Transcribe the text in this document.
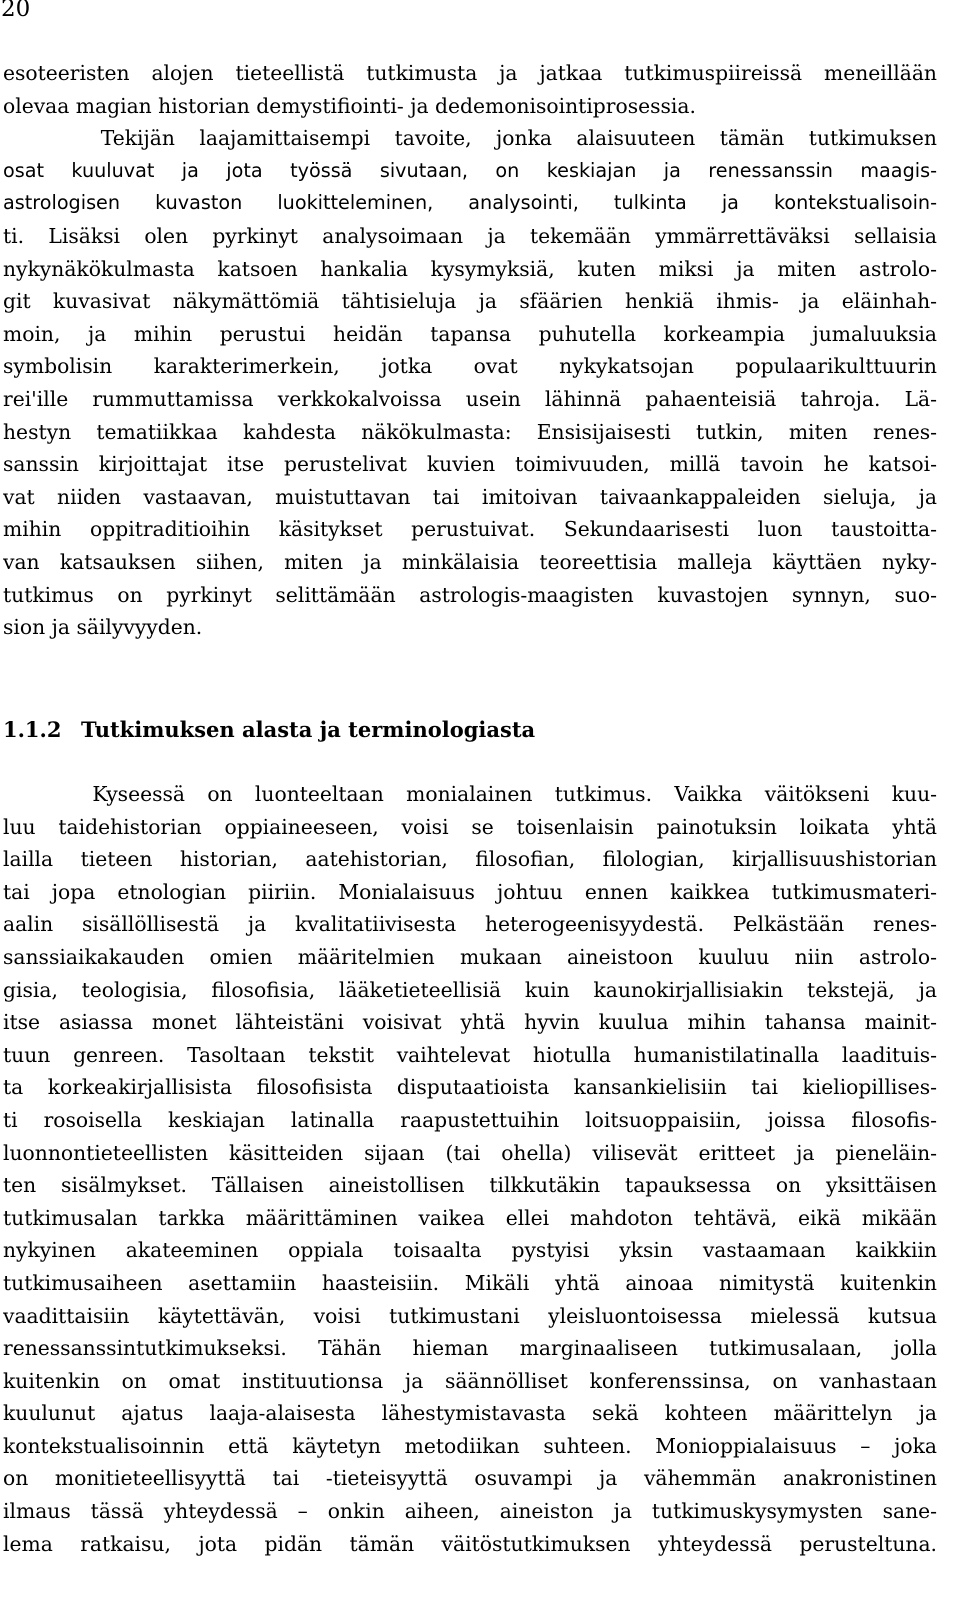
20
esoteeristen alojen tieteellistä tutkimusta ja jatkaa tutkimuspiireissä meneillään
olevaa magian historian demystifiointi- ja dedemonisointiprosessia.
Tekijän laajamittaisempi tavoite, jonka alaisuuteen tämän tutkimuksen
osat kuuluvat ja jota työssä sivutaan, on keskiajan ja renessanssin maagis-
astrologisen kuvaston luokitteleminen, analysointi, tulkinta ja kontekstualisoin-
ti. Lisäksi olen pyrkinyt analysoimaan ja tekemään ymmärrettäväksi sellaisia
nykynäkökulmasta katsoen hankalia kysymyksiä, kuten miksi ja miten astrolo-
git kuvasivat näkymättömiä tähtisieluja ja sfäärien henkiä ihmis- ja eläinhah-
moin, ja mihin perustui heidän tapansa puhutella korkeampia jumaluuksia
symbolisin karakterimerkein, jotka ovat nykykatsojan populaarikulttuurin
rei'ille rummuttamissa verkkokalvoissa usein lähinnä pahaenteisiä tahroja. Lä-
hestyn tematiikkaa kahdesta näkökulmasta: Ensisijaisesti tutkin, miten renes-
sanssin kirjoittajat itse perustelivat kuvien toimivuuden, millä tavoin he katsoi-
vat niiden vastaavan, muistuttavan tai imitoivan taivaankappaleiden sieluja, ja
mihin oppitraditioihin käsitykset perustuivat. Sekundaarisesti luon taustoitta-
van katsauksen siihen, miten ja minkälaisia teoreettisia malleja käyttäen nyky-
tutkimus on pyrkinyt selittämään astrologis-maagisten kuvastojen synnyn, suo-
sion ja säilyvyyden.
1.1.2 Tutkimuksen alasta ja terminologiasta
Kyseessä on luonteeltaan monialainen tutkimus. Vaikka väitökseni kuu-
luu taidehistorian oppiaineeseen, voisi se toisenlaisin painotuksin loikata yhtä
lailla tieteen historian, aatehistorian, filosofian, filologian, kirjallisuushistorian
tai jopa etnologian piiriin. Monialaisuus johtuu ennen kaikkea tutkimusmateri-
aalin sisällöllisestä ja kvalitatiivisesta heterogeenisyydestä. Pelkästään renes-
sanssiaikakauden omien määritelmien mukaan aineistoon kuuluu niin astrolo-
gisia, teologisia, filosofisia, lääketieteellisiä kuin kaunokirjallisiakin tekstejä, ja
itse asiassa monet lähteistäni voisivat yhtä hyvin kuulua mihin tahansa mainit-
tuun genreen. Tasoltaan tekstit vaihtelevat hiotulla humanistilatinalla laadituis-
ta korkeakirjallisista filosofisista disputaatioista kansankielisiin tai kieliopillises-
ti rosoisella keskiajan latinalla raapustettuihin loitsuoppaisiin, joissa filosofis-
luonnontieteellisten käsitteiden sijaan (tai ohella) vilisevät eritteet ja pieneläin-
ten sisälmykset. Tällaisen aineistollisen tilkkutäkin tapauksessa on yksittäisen
tutkimusalan tarkka määrittäminen vaikea ellei mahdoton tehtävä, eikä mikään
nykyinen akateeminen oppiala toisaalta pystyisi yksin vastaamaan kaikkiin
tutkimusaiheen asettamiin haasteisiin. Mikäli yhtä ainoaa nimitystä kuitenkin
vaadittaisiin käytettävän, voisi tutkimustani yleisluontoisessa mielessä kutsua
renessanssintutkimukseksi. Tähän hieman marginaaliseen tutkimusalaan, jolla
kuitenkin on omat instituutionsa ja säännölliset konferenssinsa, on vanhastaan
kuulunut ajatus laaja-alaisesta lähestymistavasta sekä kohteen määrittelyn ja
kontekstualisoinnin että käytetyn metodiikan suhteen. Monioppialaisuus – joka
on monitieteellisyyttä tai -tieteisyyttä osuvampi ja vähemmän anakronistinen
ilmaus tässä yhteydessä – onkin aiheen, aineiston ja tutkimuskysymysten sane-
lema ratkaisu, jota pidän tämän väitöstutkimuksen yhteydessä perusteltuna.
